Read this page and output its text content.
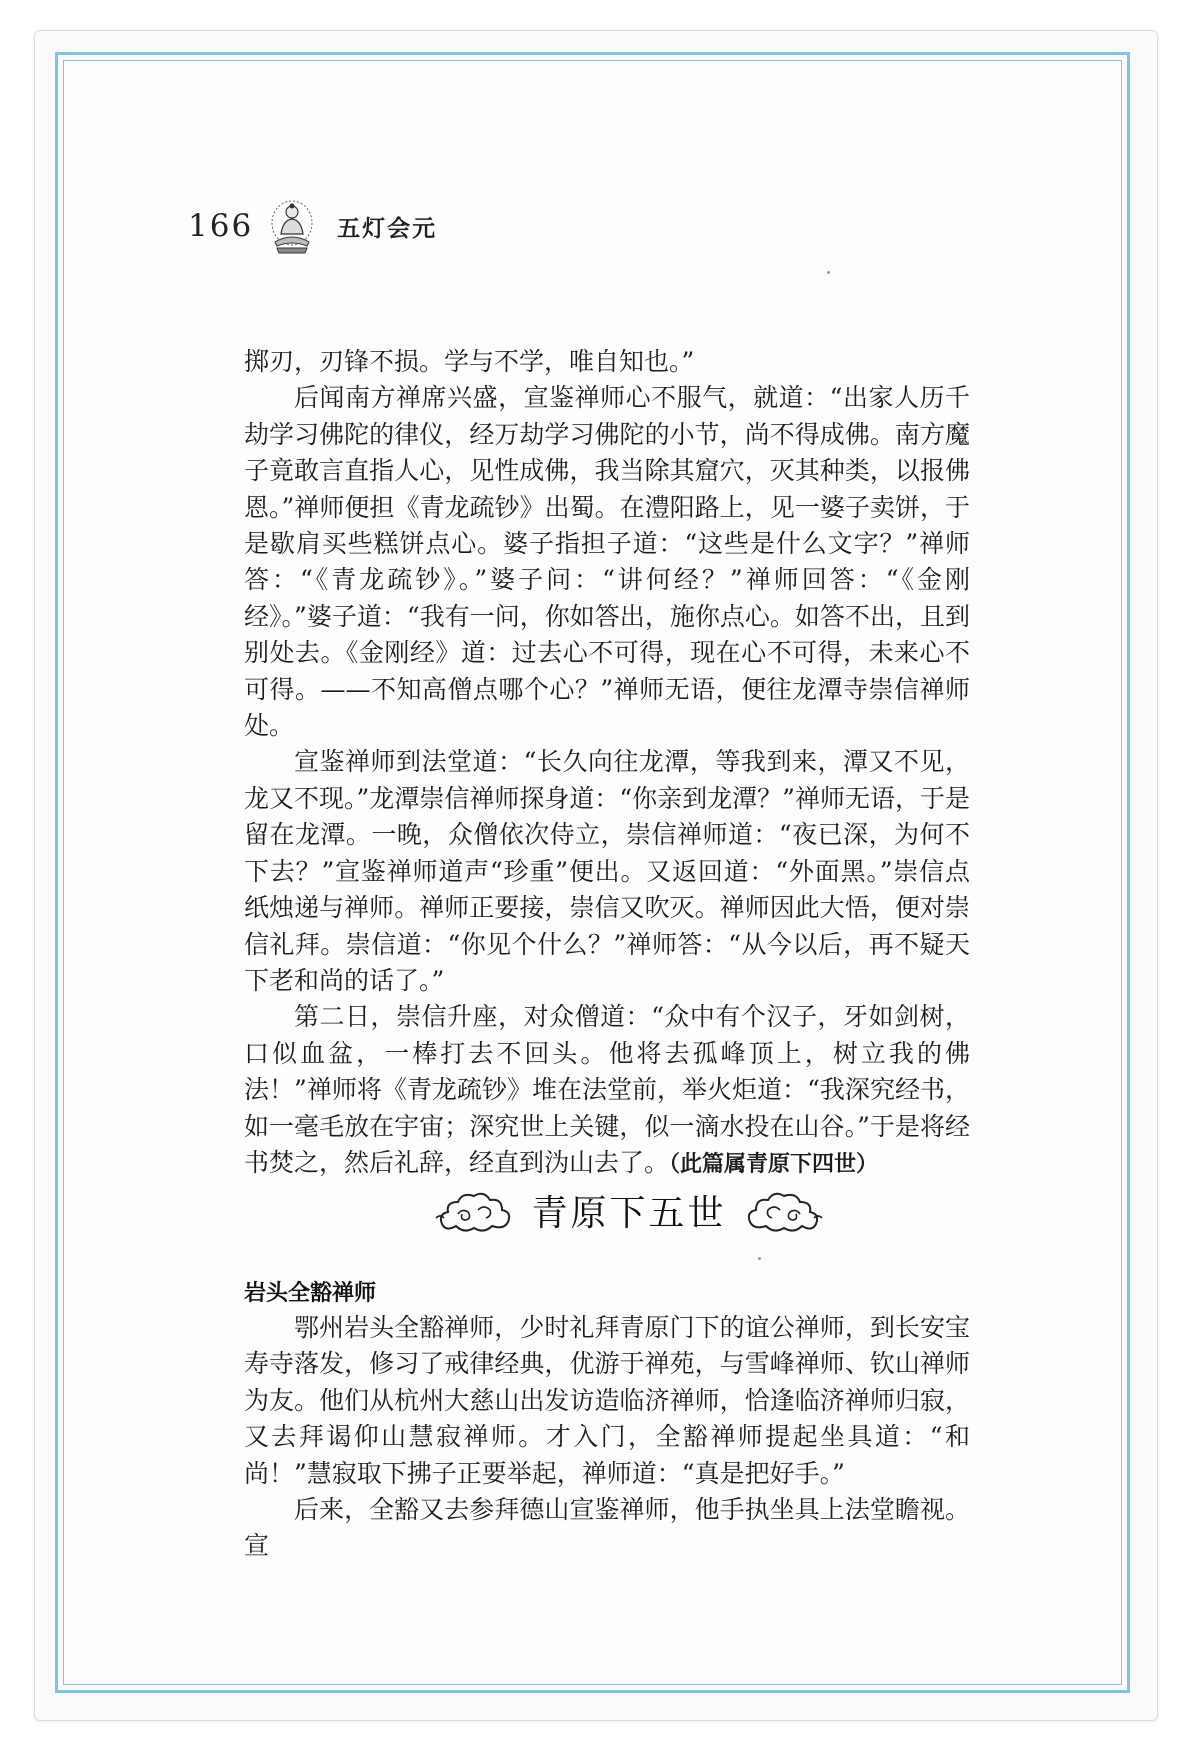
166	五灯会元

掷刃，刃锋不损。学与不学，唯自知也。”

后闻南方禅席兴盛，宣鉴禅师心不服气，就道：“出家人历千劫学习佛陀的律仪，经万劫学习佛陀的小节，尚不得成佛。南方魔子竟敢言直指人心，见性成佛，我当除其窟穴，灭其种类，以报佛恩。”禅师便担《青龙疏钞》出蜀。在澧阳路上，见一婆子卖饼，于是歇肩买些糕饼点心。婆子指担子道：“这些是什么文字？”禅师答：“《青龙疏钞》。”婆子问：“讲何经？”禅师回答：“《金刚经》。”婆子道：“我有一问，你如答出，施你点心。如答不出，且到别处去。《金刚经》道：过去心不可得，现在心不可得，未来心不可得。——不知高僧点哪个心？”禅师无语，便往龙潭寺崇信禅师处。

宣鉴禅师到法堂道：“长久向往龙潭，等我到来，潭又不见，龙又不现。”龙潭崇信禅师探身道：“你亲到龙潭？”禅师无语，于是留在龙潭。一晚，众僧依次侍立，崇信禅师道：“夜已深，为何不下去？”宣鉴禅师道声“珍重”便出。又返回道：“外面黑。”崇信点纸烛递与禅师。禅师正要接，崇信又吹灭。禅师因此大悟，便对崇信礼拜。崇信道：“你见个什么？”禅师答：“从今以后，再不疑天下老和尚的话了。”

第二日，崇信升座，对众僧道：“众中有个汉子，牙如剑树，口似血盆，一棒打去不回头。他将去孤峰顶上，树立我的佛法！”禅师将《青龙疏钞》堆在法堂前，举火炬道：“我深究经书，如一毫毛放在宇宙；深究世上关键，似一滴水投在山谷。”于是将经书焚之，然后礼辞，经直到沩山去了。（此篇属青原下四世）

青原下五世

岩头全豁禅师

鄂州岩头全豁禅师，少时礼拜青原门下的谊公禅师，到长安宝寿寺落发，修习了戒律经典，优游于禅苑，与雪峰禅师、钦山禅师为友。他们从杭州大慈山出发访造临济禅师，恰逢临济禅师归寂，又去拜谒仰山慧寂禅师。才入门，全豁禅师提起坐具道：“和尚！”慧寂取下拂子正要举起，禅师道：“真是把好手。”

后来，全豁又去参拜德山宣鉴禅师，他手执坐具上法堂瞻视。宣
